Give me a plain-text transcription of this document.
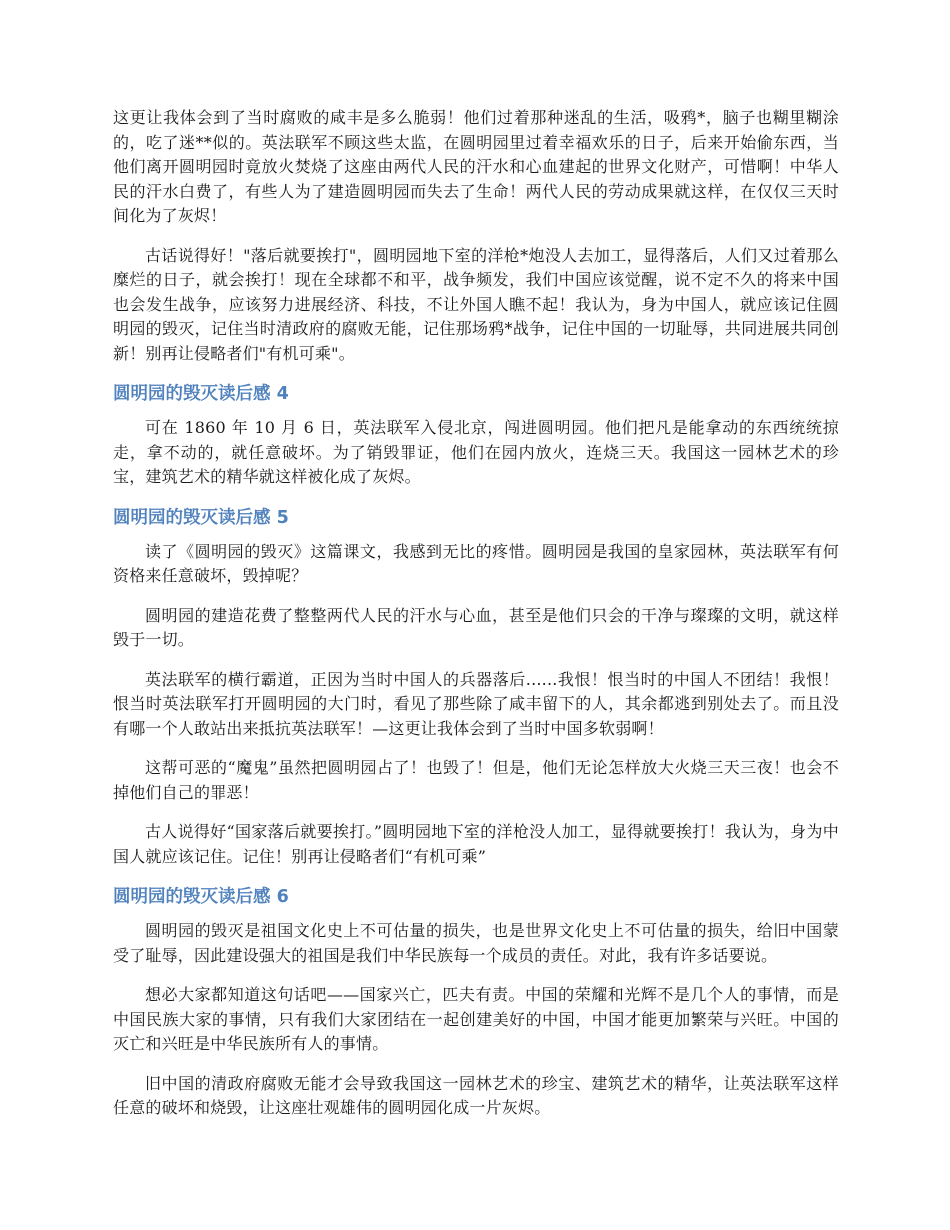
这更让我体会到了当时腐败的咸丰是多么脆弱！他们过着那种迷乱的生活，吸鸦*，脑子也糊里糊涂的，吃了迷**似的。英法联军不顾这些太监，在圆明园里过着幸福欢乐的日子，后来开始偷东西，当他们离开圆明园时竟放火焚烧了这座由两代人民的汗水和心血建起的世界文化财产，可惜啊！中华人民的汗水白费了，有些人为了建造圆明园而失去了生命！两代人民的劳动成果就这样，在仅仅三天时间化为了灰烬！

古话说得好！"落后就要挨打"，圆明园地下室的洋枪*炮没人去加工，显得落后，人们又过着那么糜烂的日子，就会挨打！现在全球都不和平，战争频发，我们中国应该觉醒，说不定不久的将来中国也会发生战争，应该努力进展经济、科技，不让外国人瞧不起！我认为，身为中国人，就应该记住圆明园的毁灭，记住当时清政府的腐败无能，记住那场鸦*战争，记住中国的一切耻辱，共同进展共同创新！别再让侵略者们"有机可乘"。

圆明园的毁灭读后感 4

可在 1860 年 10 月 6 日，英法联军入侵北京，闯进圆明园。他们把凡是能拿动的东西统统掠走，拿不动的，就任意破坏。为了销毁罪证，他们在园内放火，连烧三天。我国这一园林艺术的珍宝，建筑艺术的精华就这样被化成了灰烬。

圆明园的毁灭读后感 5

读了《圆明园的毁灭》这篇课文，我感到无比的疼惜。圆明园是我国的皇家园林，英法联军有何资格来任意破坏，毁掉呢？

圆明园的建造花费了整整两代人民的汗水与心血，甚至是他们只会的干净与璨璨的文明，就这样毁于一切。

英法联军的横行霸道，正因为当时中国人的兵器落后......我恨！恨当时的中国人不团结！我恨！恨当时英法联军打开圆明园的大门时，看见了那些除了咸丰留下的人，其余都逃到别处去了。而且没有哪一个人敢站出来抵抗英法联军！—这更让我体会到了当时中国多软弱啊！

这帮可恶的“魔鬼”虽然把圆明园占了！也毁了！但是，他们无论怎样放大火烧三天三夜！也会不掉他们自己的罪恶！

古人说得好“国家落后就要挨打。”圆明园地下室的洋枪没人加工，显得就要挨打！我认为，身为中国人就应该记住。记住！别再让侵略者们“有机可乘”

圆明园的毁灭读后感 6

圆明园的毁灭是祖国文化史上不可估量的损失，也是世界文化史上不可估量的损失，给旧中国蒙受了耻辱，因此建设强大的祖国是我们中华民族每一个成员的责任。对此，我有许多话要说。

想必大家都知道这句话吧——国家兴亡，匹夫有责。中国的荣耀和光辉不是几个人的事情，而是中国民族大家的事情，只有我们大家团结在一起创建美好的中国，中国才能更加繁荣与兴旺。中国的灭亡和兴旺是中华民族所有人的事情。

旧中国的清政府腐败无能才会导致我国这一园林艺术的珍宝、建筑艺术的精华，让英法联军这样任意的破坏和烧毁，让这座壮观雄伟的圆明园化成一片灰烬。
